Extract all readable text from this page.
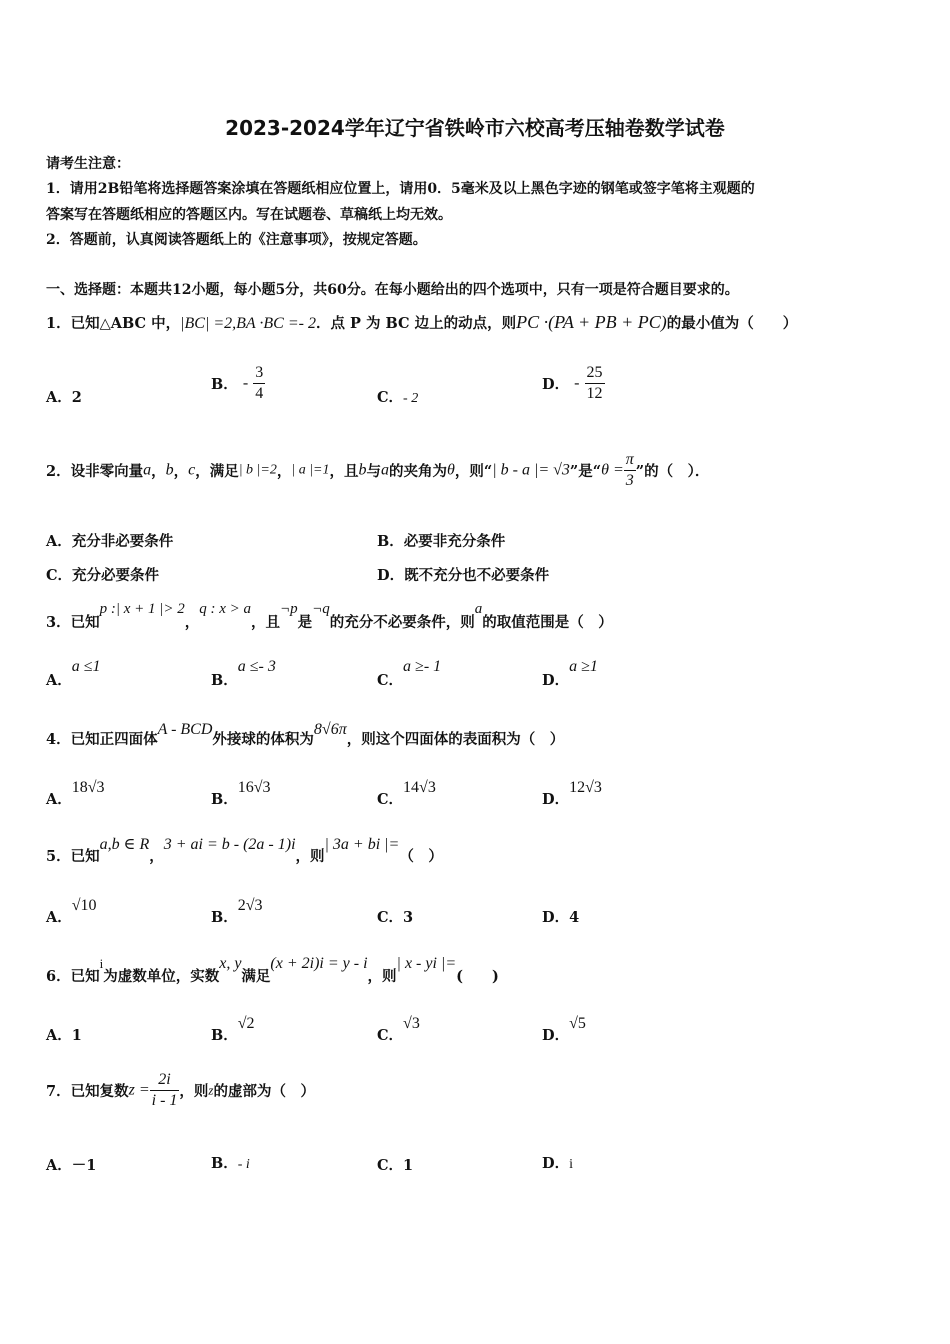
2023-2024学年辽宁省铁岭市六校高考压轴卷数学试卷
请考生注意：
1．请用2B铅笔将选择题答案涂填在答题纸相应位置上，请用0．5毫米及以上黑色字迹的钢笔或签字笔将主观题的
答案写在答题纸相应的答题区内。写在试题卷、草稿纸上均无效。
2．答题前，认真阅读答题纸上的《注意事项》，按规定答题。
一、选择题：本题共12小题，每小题5分，共60分。在每小题给出的四个选项中，只有一项是符合题目要求的。
1．已知△ABC 中，|BC| =2,BA ·BC =- 2．点 P 为 BC 边上的动点，则PC ·(PA + PB + PC)的最小值为（　　）
A．2
B． - $\frac{3}{4}$	C．- 2
D． - $\frac{25}{12}$
2．设非零向量a，b，c，满足| b |=2，| a |=1，且b与a的夹角为θ，则“| b - a |= √3”是“$\theta = \frac{\pi}{3}$ ”的（　）．
A．充分非必要条件	B．必要非充分条件
C．充分必要条件	D．既不充分也不必要条件
3．已知p :| x + 1 |> 2，q : x > a，且¬p是¬q的充分不必要条件，则a的取值范围是（　）
A．a ≤1
B．a ≤- 3
C．a ≥- 1
D．a ≥1
4．已知正四面体A - BCD外接球的体积为8√6π，则这个四面体的表面积为（　）
A．18√3
B．16√3
C．14√3
D．12√3
5．已知a,b ∈ R，3 + ai = b - (2a - 1)i，则| 3a + bi |=（　）
A．√10
B．2√3
C．3	D．4
6．已知i为虚数单位，实数x, y满足(x + 2i)i = y - i，则| x - yi |=(　　)
A．1	B．√2
C．√3
D．√5
7．已知复数$z = \frac{2i}{i - 1}$ ，则z的虚部为（　）
A．－1	B．- i	C．1	D．i
